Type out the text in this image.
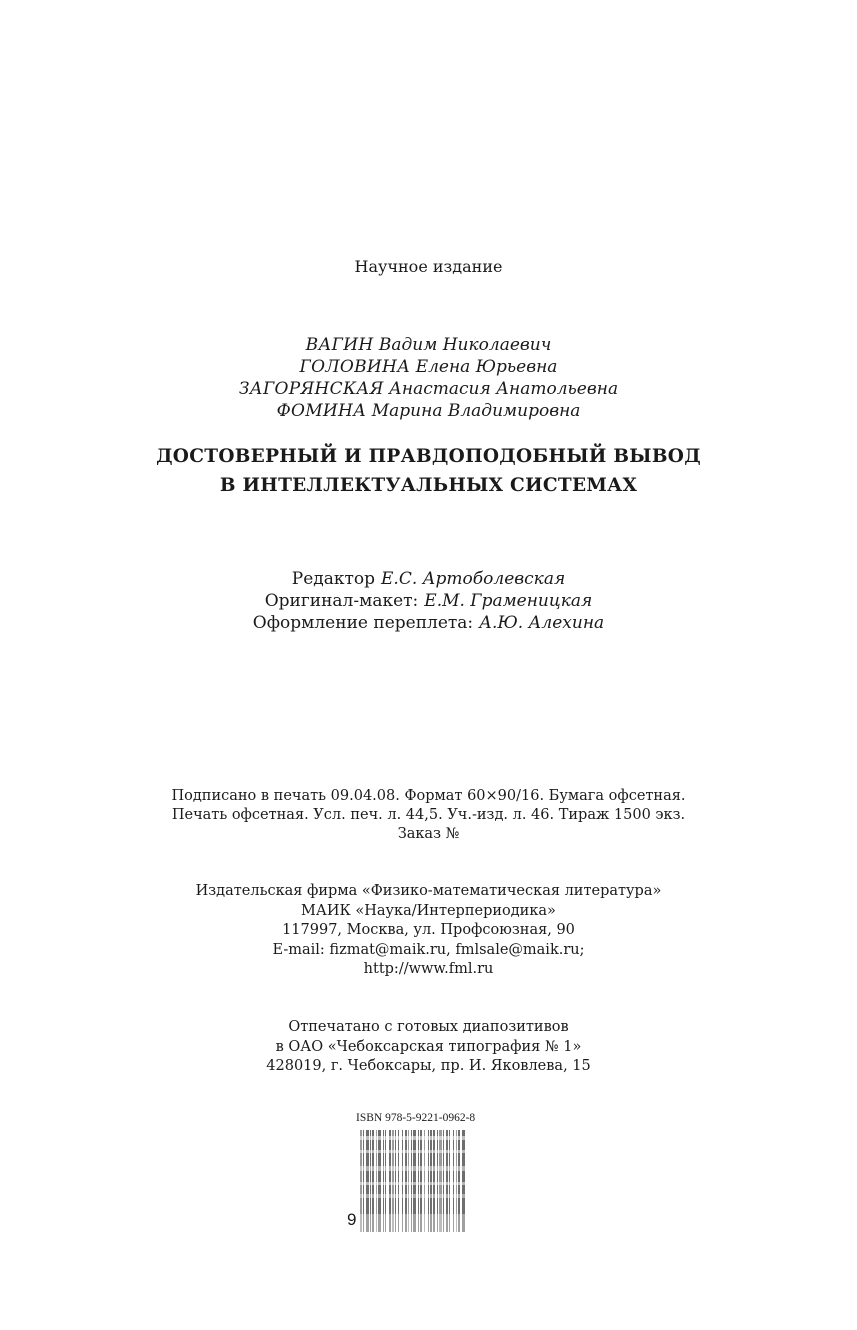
Научное издание
ВАГИН Вадим Николаевич
ГОЛОВИНА Елена Юрьевна
ЗАГОРЯНСКАЯ Анастасия Анатольевна
ФОМИНА Марина Владимировна
ДОСТОВЕРНЫЙ И ПРАВДОПОДОБНЫЙ ВЫВОД
В ИНТЕЛЛЕКТУАЛЬНЫХ СИСТЕМАХ
Редактор Е.С. Артоболевская
Оригинал-макет: Е.М. Граменицкая
Оформление переплета: А.Ю. Алехина
Подписано в печать 09.04.08. Формат 60×90/16. Бумага офсетная.
Печать офсетная. Усл. печ. л. 44,5. Уч.-изд. л. 46. Тираж 1500 экз.
Заказ №
Издательская фирма «Физико-математическая литература»
МАИК «Наука/Интерпериодика»
117997, Москва, ул. Профсоюзная, 90
E-mail: fizmat@maik.ru, fmlsale@maik.ru;
http://www.fml.ru
Отпечатано с готовых диапозитивов
в ОАО «Чебоксарская типография № 1»
428019, г. Чебоксары, пр. И. Яковлева, 15
ISBN 978-5-9221-0962-8
9
